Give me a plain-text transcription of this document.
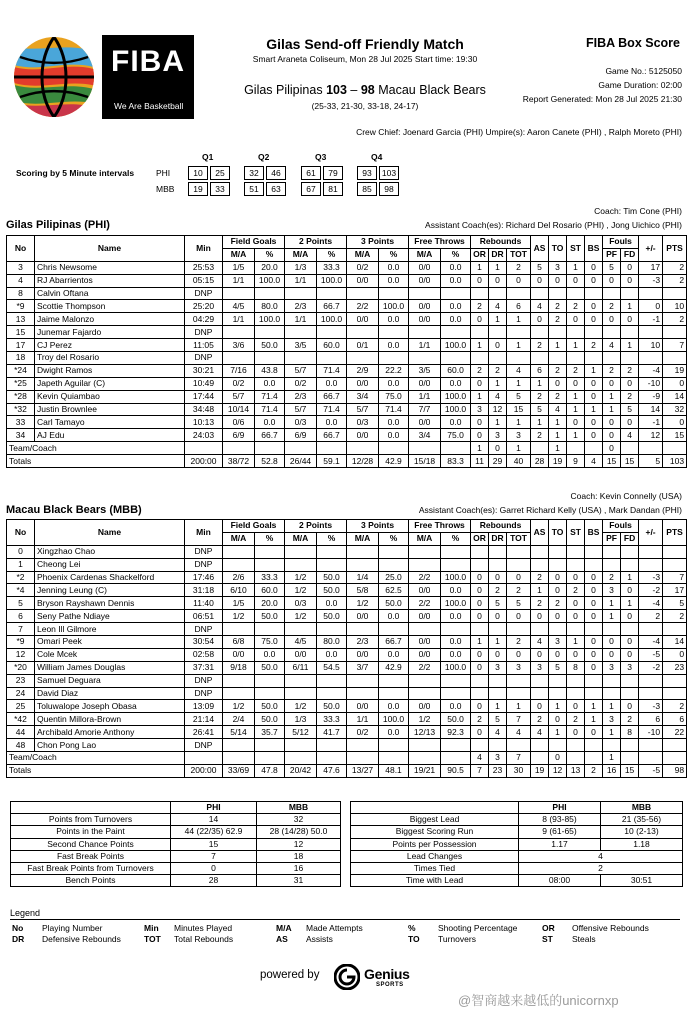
FIBA
We Are Basketball
Gilas Send-off Friendly Match
Smart Araneta Coliseum, Mon 28 Jul 2025 Start time: 19:30
Gilas Pilipinas 103 – 98 Macau Black Bears
(25-33, 21-30, 33-18, 24-17)
FIBA Box Score
Game No.: 5125050
Game Duration: 02:00
Report Generated: Mon 28 Jul 2025 21:30
Crew Chief: Joenard Garcia (PHI) Umpire(s): Aaron Canete (PHI) , Ralph Moreto (PHI)
Scoring by 5 Minute intervals
Q1	Q2	Q3	Q4
PHI	10	25	32	46	61	79	93	103
MBB	19	33	51	63	67	81	85	98
Coach: Tim Cone (PHI)
Gilas Pilipinas (PHI)	Assistant Coach(es): Richard Del Rosario (PHI) , Jong Uichico (PHI)
No	Name	Min	Field Goals		2 Points		3 Points		Free Throws		Rebounds			AS	TO	ST	BS	Fouls		+/-	PTS
			M/A	%	M/A	%	M/A	%	M/A	%	OR	DR	TOT					PF	FD		
3	Chris Newsome	25:53	1/5	20.0	1/3	33.3	0/2	0.0	0/0	0.0	1	1	2	5	3	1	0	5	0	17	2
4	RJ Abarrientos	05:15	1/1	100.0	1/1	100.0	0/0	0.0	0/0	0.0	0	0	0	0	0	0	0	0	0	-3	2
8	Calvin Oftana	DNP																			
*9	Scottie Thompson	25:20	4/5	80.0	2/3	66.7	2/2	100.0	0/0	0.0	2	4	6	4	2	2	0	2	1	0	10
13	Jaime Malonzo	04:29	1/1	100.0	1/1	100.0	0/0	0.0	0/0	0.0	0	1	1	0	2	0	0	0	0	-1	2
15	Junemar Fajardo	DNP																			
17	CJ Perez	11:05	3/6	50.0	3/5	60.0	0/1	0.0	1/1	100.0	1	0	1	2	1	1	2	4	1	10	7
18	Troy del Rosario	DNP																			
*24	Dwight Ramos	30:21	7/16	43.8	5/7	71.4	2/9	22.2	3/5	60.0	2	2	4	6	2	2	1	2	2	-4	19
*25	Japeth Aguilar (C)	10:49	0/2	0.0	0/2	0.0	0/0	0.0	0/0	0.0	0	1	1	1	0	0	0	0	0	-10	0
*28	Kevin Quiambao	17:44	5/7	71.4	2/3	66.7	3/4	75.0	1/1	100.0	1	4	5	2	2	1	0	1	2	-9	14
*32	Justin Brownlee	34:48	10/14	71.4	5/7	71.4	5/7	71.4	7/7	100.0	3	12	15	5	4	1	1	1	5	14	32
33	Carl Tamayo	10:13	0/6	0.0	0/3	0.0	0/3	0.0	0/0	0.0	0	1	1	1	1	0	0	0	0	-1	0
34	AJ Edu	24:03	6/9	66.7	6/9	66.7	0/0	0.0	3/4	75.0	0	3	3	2	1	1	0	0	4	12	15
Team/Coach											1	0	1		1			0			
Totals		200:00	38/72	52.8	26/44	59.1	12/28	42.9	15/18	83.3	11	29	40	28	19	9	4	15	15	5	103
Coach: Kevin Connelly (USA)
Macau Black Bears (MBB)	Assistant Coach(es): Garret Richard Kelly (USA) , Mark Dandan (PHI)
No	Name	Min	Field Goals		2 Points		3 Points		Free Throws		Rebounds			AS	TO	ST	BS	Fouls		+/-	PTS
			M/A	%	M/A	%	M/A	%	M/A	%	OR	DR	TOT					PF	FD		
0	Xingzhao Chao	DNP																			
1	Cheong Lei	DNP																			
*2	Phoenix Cardenas Shackelford	17:46	2/6	33.3	1/2	50.0	1/4	25.0	2/2	100.0	0	0	0	2	0	0	0	2	1	-3	7
*4	Jenning Leung (C)	31:18	6/10	60.0	1/2	50.0	5/8	62.5	0/0	0.0	0	2	2	1	0	2	0	3	0	-2	17
5	Bryson Rayshawn Dennis	11:40	1/5	20.0	0/3	0.0	1/2	50.0	2/2	100.0	0	5	5	2	2	0	0	1	1	-4	5
6	Seny Pathe Ndiaye	06:51	1/2	50.0	1/2	50.0	0/0	0.0	0/0	0.0	0	0	0	0	0	0	0	1	0	2	2
7	Leon Ill Gilmore	DNP																			
*9	Omari Peek	30:54	6/8	75.0	4/5	80.0	2/3	66.7	0/0	0.0	1	1	2	4	3	1	0	0	0	-4	14
12	Cole Mcek	02:58	0/0	0.0	0/0	0.0	0/0	0.0	0/0	0.0	0	0	0	0	0	0	0	0	0	-5	0
*20	William James Douglas	37:31	9/18	50.0	6/11	54.5	3/7	42.9	2/2	100.0	0	3	3	3	5	8	0	3	3	-2	23
23	Samuel Deguara	DNP																			
24	David Diaz	DNP																			
25	Toluwalope Joseph Obasa	13:09	1/2	50.0	1/2	50.0	0/0	0.0	0/0	0.0	0	1	1	0	1	0	1	1	0	-3	2
*42	Quentin Millora-Brown	21:14	2/4	50.0	1/3	33.3	1/1	100.0	1/2	50.0	2	5	7	2	0	2	1	3	2	6	6
44	Archibald Amorie Anthony	26:41	5/14	35.7	5/12	41.7	0/2	0.0	12/13	92.3	0	4	4	4	1	0	0	1	8	-10	22
48	Chon Pong Lao	DNP																			
Team/Coach											4	3	7		0			1			
Totals		200:00	33/69	47.8	20/42	47.6	13/27	48.1	19/21	90.5	7	23	30	19	12	13	2	16	15	-5	98
	PHI	MBB
Points from Turnovers	14	32
Points in the Paint	44 (22/35) 62.9	28 (14/28) 50.0
Second Chance Points	15	12
Fast Break Points	7	18
Fast Break Points from Turnovers	0	16
Bench Points	28	31
	PHI	MBB
Biggest Lead	8 (93-85)	21 (35-56)
Biggest Scoring Run	9 (61-65)	10 (2-13)
Points per Possession	1.17	1.18
Lead Changes	4	
Times Tied	2	
Time with Lead	08:00	30:51
Legend
No Playing Number	Min Minutes Played	M/A Made Attempts	%	Shooting Percentage	OR Offensive Rebounds
DR Defensive Rebounds	TOT Total Rebounds	AS Assists	TO Turnovers	ST Steals
powered by	Genius
SPORTS
@智商越来越低的unicornxp
